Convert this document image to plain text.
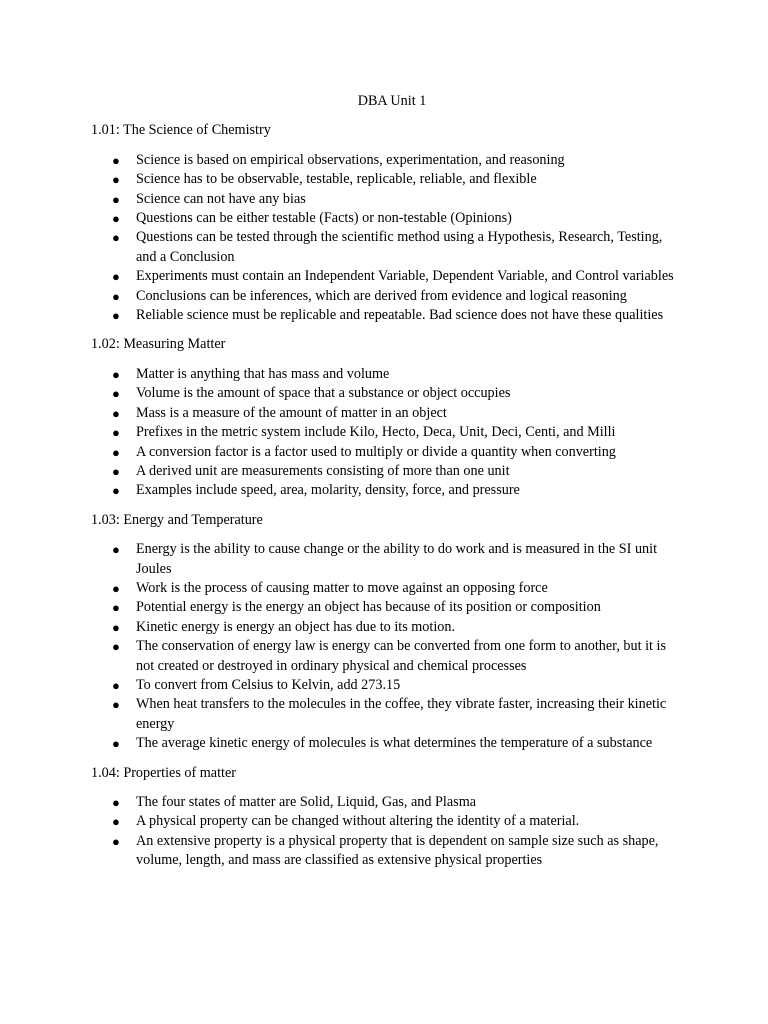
DBA Unit 1
1.01: The Science of Chemistry
● Science is based on empirical observations, experimentation, and reasoning
● Science has to be observable, testable, replicable, reliable, and flexible
● Science can not have any bias
● Questions can be either testable (Facts) or non-testable (Opinions)
● Questions can be tested through the scientific method using a Hypothesis, Research, Testing, and a Conclusion
● Experiments must contain an Independent Variable, Dependent Variable, and Control variables
● Conclusions can be inferences, which are derived from evidence and logical reasoning
● Reliable science must be replicable and repeatable. Bad science does not have these qualities
1.02: Measuring Matter
● Matter is anything that has mass and volume
● Volume is the amount of space that a substance or object occupies
● Mass is a measure of the amount of matter in an object
● Prefixes in the metric system include Kilo, Hecto, Deca, Unit, Deci, Centi, and Milli
● A conversion factor is a factor used to multiply or divide a quantity when converting
● A derived unit are measurements consisting of more than one unit
● Examples include speed, area, molarity, density, force, and pressure
1.03: Energy and Temperature
● Energy is the ability to cause change or the ability to do work and is measured in the SI unit Joules
● Work is the process of causing matter to move against an opposing force
● Potential energy is the energy an object has because of its position or composition
● Kinetic energy is energy an object has due to its motion.
● The conservation of energy law is energy can be converted from one form to another, but it is not created or destroyed in ordinary physical and chemical processes
● To convert from Celsius to Kelvin, add 273.15
● When heat transfers to the molecules in the coffee, they vibrate faster, increasing their kinetic energy
● The average kinetic energy of molecules is what determines the temperature of a substance
1.04: Properties of matter
● The four states of matter are Solid, Liquid, Gas, and Plasma
● A physical property can be changed without altering the identity of a material.
● An extensive property is a physical property that is dependent on sample size such as shape, volume, length, and mass are classified as extensive physical properties
